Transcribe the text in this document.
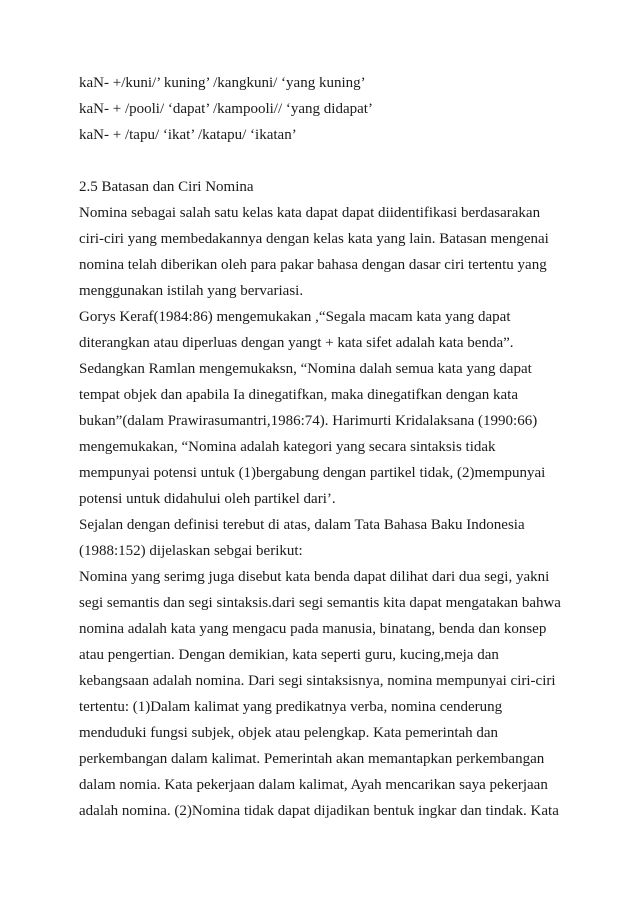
kaN- +/kuni/’ kuning’ /kangkuni/ ‘yang kuning’
kaN- + /pooli/ ‘dapat’ /kampooli// ‘yang didapat’
kaN- + /tapu/ ‘ikat’ /katapu/ ‘ikatan’
2.5 Batasan dan Ciri Nomina
Nomina sebagai salah satu kelas kata dapat dapat diidentifikasi berdasarakan
ciri-ciri yang membedakannya dengan kelas kata yang lain. Batasan mengenai
nomina telah diberikan oleh para pakar bahasa dengan dasar ciri tertentu yang
menggunakan istilah yang bervariasi.
Gorys Keraf(1984:86) mengemukakan ,“Segala macam kata yang dapat
diterangkan atau diperluas dengan yangt + kata sifet adalah kata benda”.
Sedangkan Ramlan mengemukaksn, “Nomina dalah semua kata yang dapat
tempat objek dan apabila Ia dinegatifkan, maka dinegatifkan dengan kata
bukan”(dalam Prawirasumantri,1986:74). Harimurti Kridalaksana (1990:66)
mengemukakan, “Nomina adalah kategori yang secara sintaksis tidak
mempunyai potensi untuk (1)bergabung dengan partikel tidak, (2)mempunyai
potensi untuk didahului oleh partikel dari’.
Sejalan dengan definisi terebut di atas, dalam Tata Bahasa Baku Indonesia
(1988:152) dijelaskan sebgai berikut:
Nomina yang serimg juga disebut kata benda dapat dilihat dari dua segi, yakni
segi semantis dan segi sintaksis.dari segi semantis kita dapat mengatakan bahwa
nomina adalah kata yang mengacu pada manusia, binatang, benda dan konsep
atau pengertian. Dengan demikian, kata seperti guru, kucing,meja dan
kebangsaan adalah nomina. Dari segi sintaksisnya, nomina mempunyai ciri-ciri
tertentu: (1)Dalam kalimat yang predikatnya verba, nomina cenderung
menduduki fungsi subjek, objek atau pelengkap. Kata pemerintah dan
perkembangan dalam kalimat. Pemerintah akan memantapkan perkembangan
dalam nomia. Kata pekerjaan dalam kalimat, Ayah mencarikan saya pekerjaan
adalah nomina. (2)Nomina tidak dapat dijadikan bentuk ingkar dan tindak. Kata
